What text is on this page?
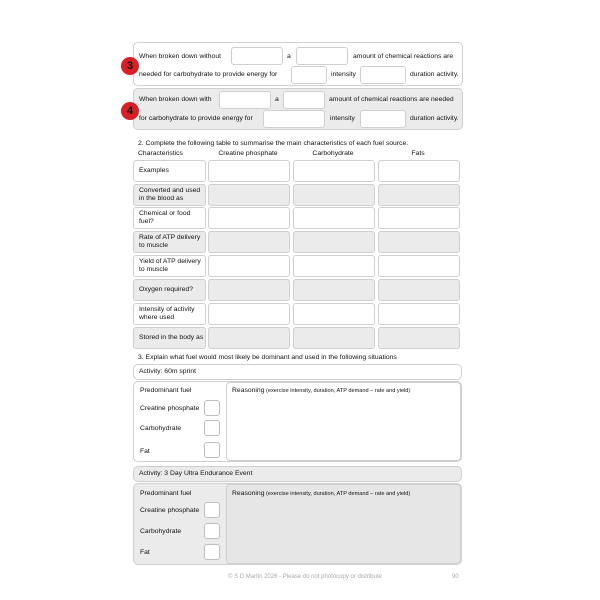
3
When broken down without	a	amount of chemical reactions are
needed for carbohydrate to provide energy for	intensity	duration activity.
4
When broken down with	a	amount of chemical reactions are needed
for carbohydrate to provide energy for	intensity	duration activity.
2. Complete the following table to summarise the main characteristics of each fuel source.
Characteristics	Creatine phosphate	Carbohydrate	Fats
Examples
Converted and used in the blood as
Chemical or food fuel?
Rate of ATP delivery to muscle
Yield of ATP delivery to muscle
Oxygen required?
Intensity of activity where used
Stored in the body as
3. Explain what fuel would most likely be dominant and used in the following situations
Activity: 60m sprint
Predominant fuel
Creatine phosphate
Carbohydrate
Fat
Reasoning (exercise intensity, duration, ATP demand – rate and yield)
Activity: 3 Day Ultra Endurance Event
Predominant fuel
Creatine phosphate
Carbohydrate
Fat
Reasoning (exercise intensity, duration, ATP demand – rate and yield)
© S D Martin 2026 - Please do not photocopy or distribute	90
